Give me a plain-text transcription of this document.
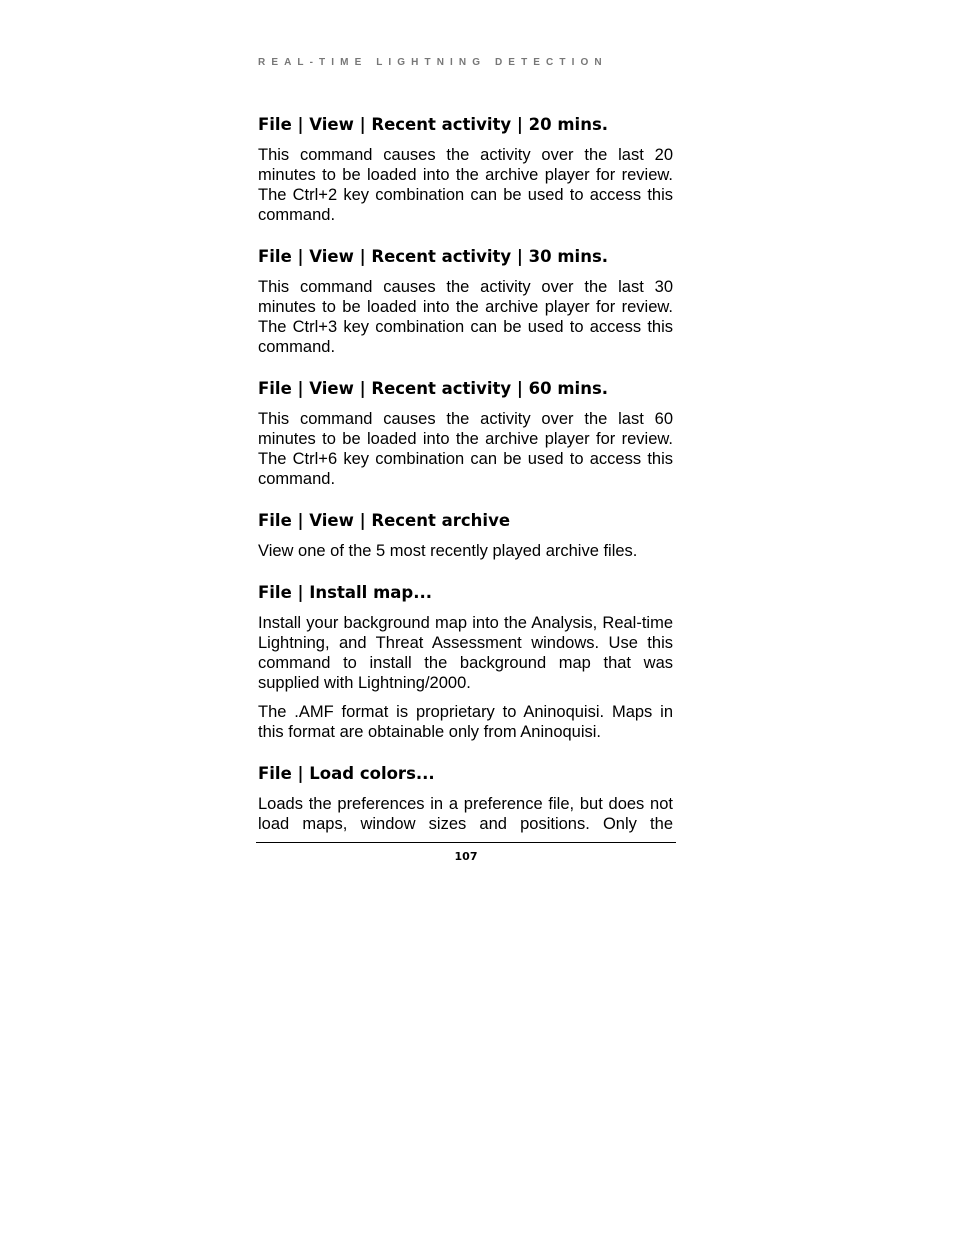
REAL-TIME LIGHTNING DETECTION
File | View | Recent activity | 20 mins.

This command causes the activity over the last 20 minutes to be loaded into the archive player for review. The Ctrl+2 key combination can be used to access this command.

File | View | Recent activity | 30 mins.

This command causes the activity over the last 30 minutes to be loaded into the archive player for review. The Ctrl+3 key combination can be used to access this command.

File | View | Recent activity | 60 mins.

This command causes the activity over the last 60 minutes to be loaded into the archive player for review. The Ctrl+6 key combination can be used to access this command.

File | View | Recent archive

View one of the 5 most recently played archive files.

File | Install map...

Install your background map into the Analysis, Real-time Lightning, and Threat Assessment windows. Use this command to install the background map that was supplied with Lightning/2000.

The .AMF format is proprietary to Aninoquisi. Maps in this format are obtainable only from Aninoquisi.

File | Load colors...

Loads the preferences in a preference file, but does not load maps, window sizes and positions. Only the

107
